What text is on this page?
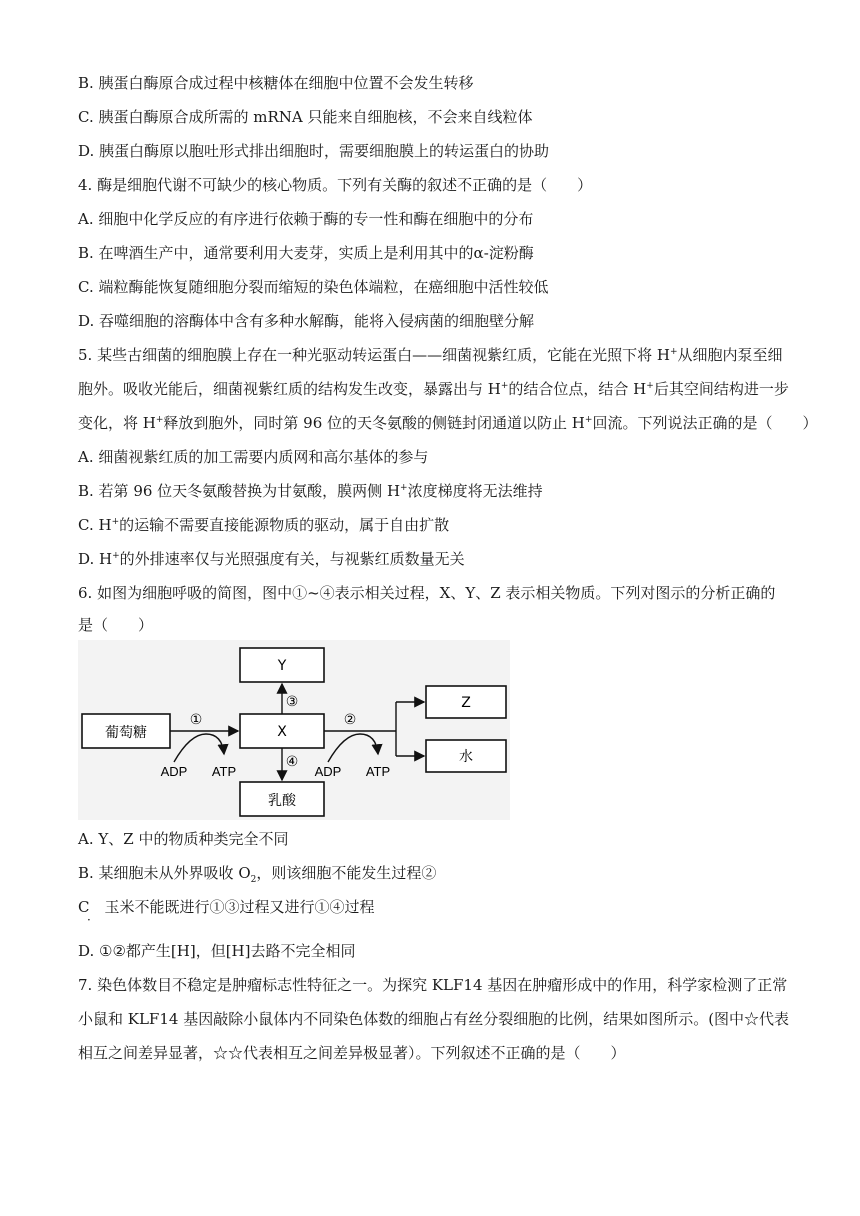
B. 胰蛋白酶原合成过程中核糖体在细胞中位置不会发生转移
C. 胰蛋白酶原合成所需的 mRNA 只能来自细胞核，不会来自线粒体
D. 胰蛋白酶原以胞吐形式排出细胞时，需要细胞膜上的转运蛋白的协助
4. 酶是细胞代谢不可缺少的核心物质。下列有关酶的叙述不正确的是（　　）
A. 细胞中化学反应的有序进行依赖于酶的专一性和酶在细胞中的分布
B. 在啤酒生产中，通常要利用大麦芽，实质上是利用其中的α-淀粉酶
C. 端粒酶能恢复随细胞分裂而缩短的染色体端粒，在癌细胞中活性较低
D. 吞噬细胞的溶酶体中含有多种水解酶，能将入侵病菌的细胞壁分解
5. 某些古细菌的细胞膜上存在一种光驱动转运蛋白——细菌视紫红质，它能在光照下将 H+从细胞内泵至细
胞外。吸收光能后，细菌视紫红质的结构发生改变，暴露出与 H+的结合位点，结合 H+后其空间结构进一步
变化，将 H+释放到胞外，同时第 96 位的天冬氨酸的侧链封闭通道以防止 H+回流。下列说法正确的是（　　）
A. 细菌视紫红质的加工需要内质网和高尔基体的参与
B. 若第 96 位天冬氨酸替换为甘氨酸，膜两侧 H+浓度梯度将无法维持
C. H+的运输不需要直接能源物质的驱动，属于自由扩散
D. H+的外排速率仅与光照强度有关，与视紫红质数量无关
6. 如图为细胞呼吸的简图，图中①~④表示相关过程，X、Y、Z 表示相关物质。下列对图示的分析正确的
是（　　）
葡萄糖	X
Y
乳酸
Z
水
①	②
③
④
ADP ATP	ADP ATP
A. Y、Z 中的物质种类完全不同
B. 某细胞未从外界吸收 $O_2$，则该细胞不能发生过程②
C　玉米不能既进行①③过程又进行①④过程
·
D. ①②都产生[H]，但[H]去路不完全相同
7. 染色体数目不稳定是肿瘤标志性特征之一。为探究 KLF14 基因在肿瘤形成中的作用，科学家检测了正常
小鼠和 KLF14 基因敲除小鼠体内不同染色体数的细胞占有丝分裂细胞的比例，结果如图所示。(图中☆代表
相互之间差异显著，☆☆代表相互之间差异极显著）。下列叙述不正确的是（　　）
